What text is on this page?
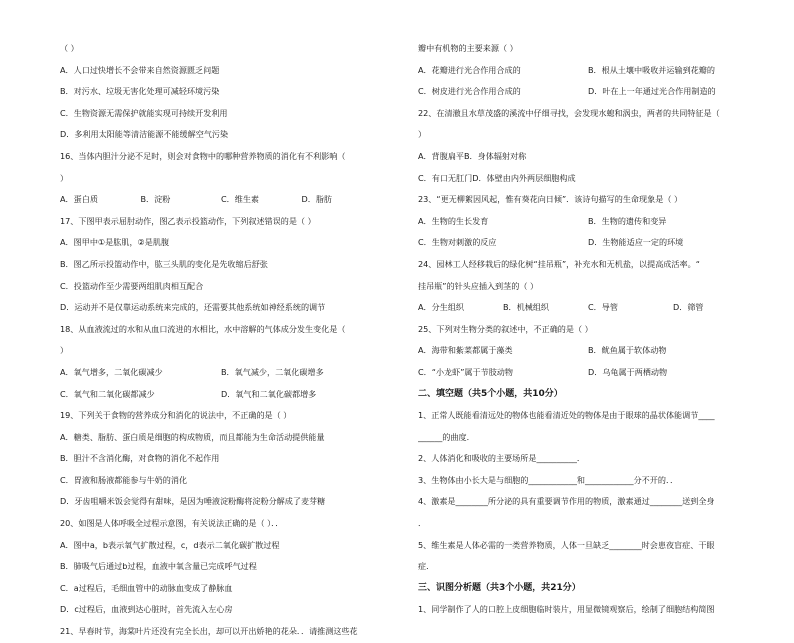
（ ）
A．人口过快增长不会带来自然资源匮乏问题
B．对污水、垃圾无害化处理可减轻环境污染
C．生物资源无需保护就能实现可持续开发利用
D．多利用太阳能等清洁能源不能缓解空气污染
16、当体内胆汁分泌不足时，则会对食物中的哪种营养物质的消化有不利影响（
）
A．蛋白质	B．淀粉	C．维生素	D．脂肪
17、下图甲表示屈肘动作，图乙表示投篮动作，下列叙述错误的是（ ）
A．图甲中①是肱肌，②是肌腹
B．图乙所示投篮动作中，肱三头肌的变化是先收缩后舒张
C．投篮动作至少需要两组肌肉相互配合
D．运动并不是仅靠运动系统来完成的，还需要其他系统如神经系统的调节
18、从血液流过的水和从血口流进的水相比，水中溶解的气体成分发生变化是（
）
A．氧气增多，二氧化碳减少	B．氧气减少，二氧化碳增多
C．氧气和二氧化碳都减少	D．氧气和二氧化碳都增多
19、下列关于食物的营养成分和消化的说法中，不正确的是（ ）
A．糖类、脂肪、蛋白质是细胞的构成物质，而且都能为生命活动提供能量
B．胆汁不含消化酶，对食物的消化不起作用
C．胃液和肠液都能参与牛奶的消化
D．牙齿咀嚼米饭会觉得有甜味，是因为唾液淀粉酶将淀粉分解成了麦芽糖
20、如图是人体呼吸全过程示意图，有关说法正确的是（ ）．．
A．图中a，b表示氧气扩散过程，c，d表示二氧化碳扩散过程
B．肺吸气后通过b过程，血液中氧含量已完成呼气过程
C．a过程后，毛细血管中的动脉血变成了静脉血
D．c过程后，血液到达心脏时，首先流入左心房
21、早春时节，海棠叶片还没有完全长出，却可以开出娇艳的花朵．．请推测这些花
瓣中有机物的主要来源（ ）
A．花瓣进行光合作用合成的	B．根从土壤中吸收并运输到花瓣的
C．树皮进行光合作用合成的	D．叶在上一年通过光合作用制造的
22、在清澈且水草茂盛的溪流中仔细寻找，会发现水螅和涡虫，两者的共同特征是（
）
A．背腹扁平B．身体辐射对称
C．有口无肛门D．体壁由内外两层细胞构成
23、“更无柳絮因风起，惟有葵花向日倾”．该诗句描写的生命现象是（ ）
A．生物的生长发育	B．生物的遗传和变异
C．生物对刺激的反应	D．生物能适应一定的环境
24、园林工人经移栽后的绿化树“挂吊瓶”，补充水和无机盐，以提高成活率。“
挂吊瓶”的针头应插入到茎的（ ）
A．分生组织	B．机械组织	C．导管	D．筛管
25、下列对生物分类的叙述中，不正确的是（ ）
A．海带和紫菜都属于藻类	B．鱿鱼属于软体动物
C．“小龙虾”属于节肢动物	D．乌龟属于两栖动物
二、填空题（共5个小题，共10分）
1、正常人既能看清远处的物体也能看清近处的物体是由于眼球的晶状体能调节____
______的曲度．
2、人体消化和吸收的主要场所是__________．
3、生物体由小长大是与细胞的____________和____________分不开的．．
4、激素是________所分泌的具有重要调节作用的物质，激素通过________送到全身
．
5、维生素是人体必需的一类营养物质，人体一旦缺乏________时会患夜盲症、干眼
症．
三、识图分析题（共3个小题，共21分）
1、同学制作了人的口腔上皮细胞临时装片，用显微镜观察后，绘制了细胞结构简图
